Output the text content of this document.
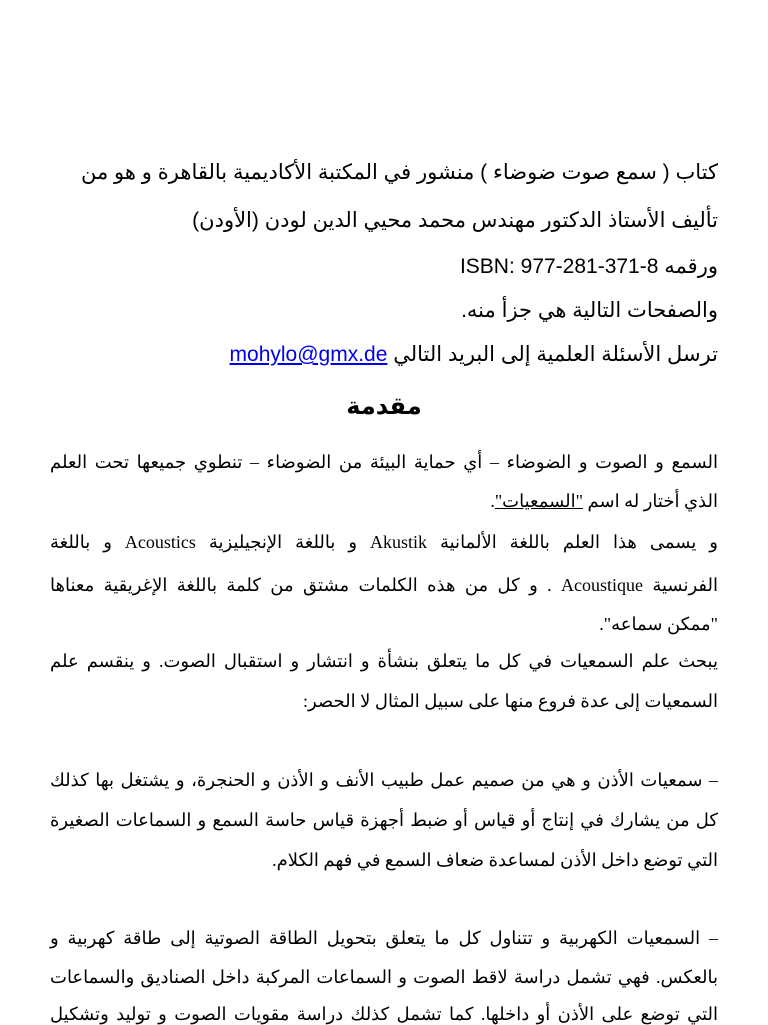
كتاب ( سمع صوت ضوضاء ) منشور في المكتبة الأكاديمية بالقاهرة و هو من
تأليف الأستاذ الدكتور مهندس محمد محيي الدين لودن (الأودن)
ورقمه ISBN: 977-281-371-8
والصفحات التالية هي جزأ منه.
ترسل الأسئلة العلمية إلى البريد التالي mohylo@gmx.de
مقدمة
السمع و الصوت و الضوضاء – أي حماية البيئة من الضوضاء – تنطوي جميعها تحت العلم
الذي أختار له اسم "السمعيات".
و يسمى هذا العلم باللغة الألمانية Akustik و باللغة الإنجيليزية Acoustics و باللغة
الفرنسية Acoustique . و كل من هذه الكلمات مشتق من كلمة باللغة الإغريقية معناها
"ممكن سماعه".
يبحث علم السمعيات في كل ما يتعلق بنشأة و انتشار و استقبال الصوت. و ينقسم علم
السمعيات إلى عدة فروع منها على سبيل المثال لا الحصر:
– سمعيات الأذن و هي من صميم عمل طبيب الأنف و الأذن و الحنجرة، و يشتغل بها كذلك
كل من يشارك في إنتاج أو قياس أو ضبط أجهزة قياس حاسة السمع و السماعات الصغيرة
التي توضع داخل الأذن لمساعدة ضعاف السمع في فهم الكلام.
– السمعيات الكهربية و تتناول كل ما يتعلق بتحويل الطاقة الصوتية إلى طاقة كهربية و
بالعكس. فهي تشمل دراسة لاقط الصوت و السماعات المركبة داخل الصناديق والسماعات
التي توضع على الأذن أو داخلها. كما تشمل كذلك دراسة مقويات الصوت و توليد وتشكيل
